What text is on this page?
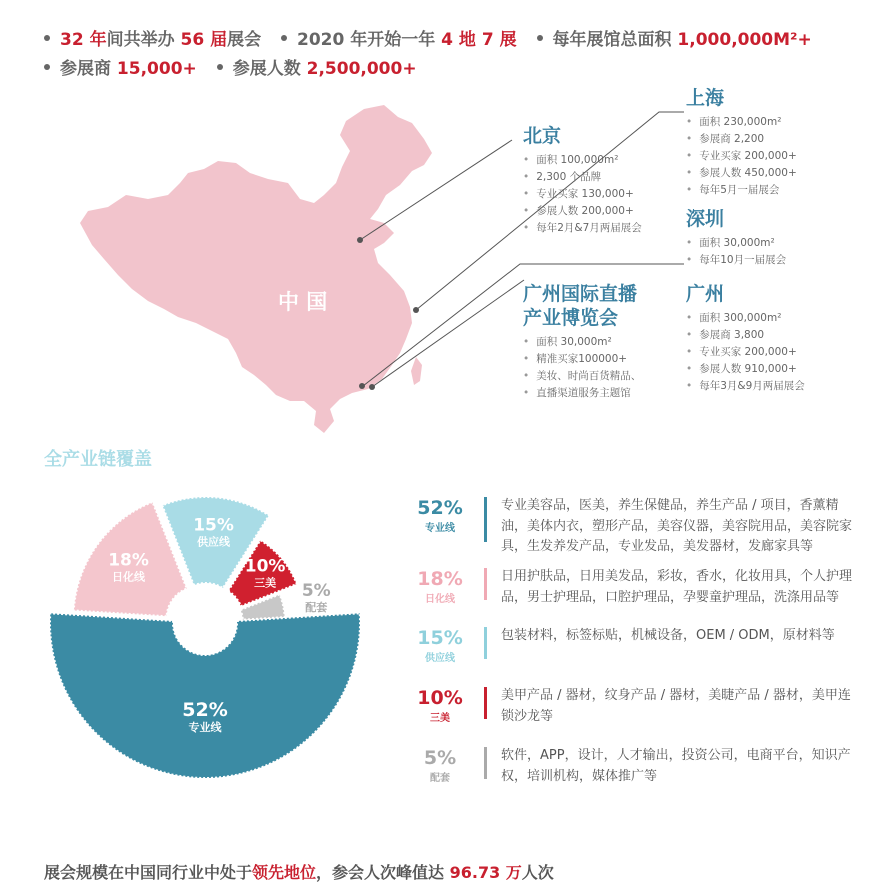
32 年间共举办 56 届展会 2020 年开始一年 4 地 7 展 每年展馆总面积 1,000,000M²+
参展商 15,000+ 参展人数 2,500,000+
中 国
北京
• 面积 100,000m²
• 2,300 个品牌
• 专业买家 130,000+
• 参展人数 200,000+
• 每年2月&7月两届展会
上海
• 面积 230,000m²
• 参展商 2,200
• 专业买家 200,000+
• 参展人数 450,000+
• 每年5月一届展会
深圳
• 面积 30,000m²
• 每年10月一届展会
广州
• 面积 300,000m²
• 参展商 3,800
• 专业买家 200,000+
• 参展人数 910,000+
• 每年3月&9月两届展会
广州国际直播
产业博览会
• 面积 30,000m²
• 精准买家100000+
• 美妆、时尚百货精品、
• 直播渠道服务主题馆
全产业链覆盖
52%
专业线
18%
日化线
15%
供应线
10%
三美 5%
配套
52%
专业线
专业美容品，医美，养生保健品，养生产品 / 项目，香薰精油，美体内衣，塑形产品，美容仪器，美容院用品，美容院家具，生发养发产品，专业发品，美发器材，发廊家具等
18%
日化线
日用护肤品，日用美发品，彩妆，香水，化妆用具，个人护理品，男士护理品，口腔护理品，孕婴童护理品，洗涤用品等
15%
供应线
包装材料，标签标贴，机械设备，OEM / ODM，原材料等
10%
三美
美甲产品 / 器材，纹身产品 / 器材，美睫产品 / 器材，美甲连锁沙龙等
5%
配套
软件，APP，设计，人才输出，投资公司，电商平台，知识产权，培训机构，媒体推广等
展会规模在中国同行业中处于领先地位，参会人次峰值达 96.73 万人次
